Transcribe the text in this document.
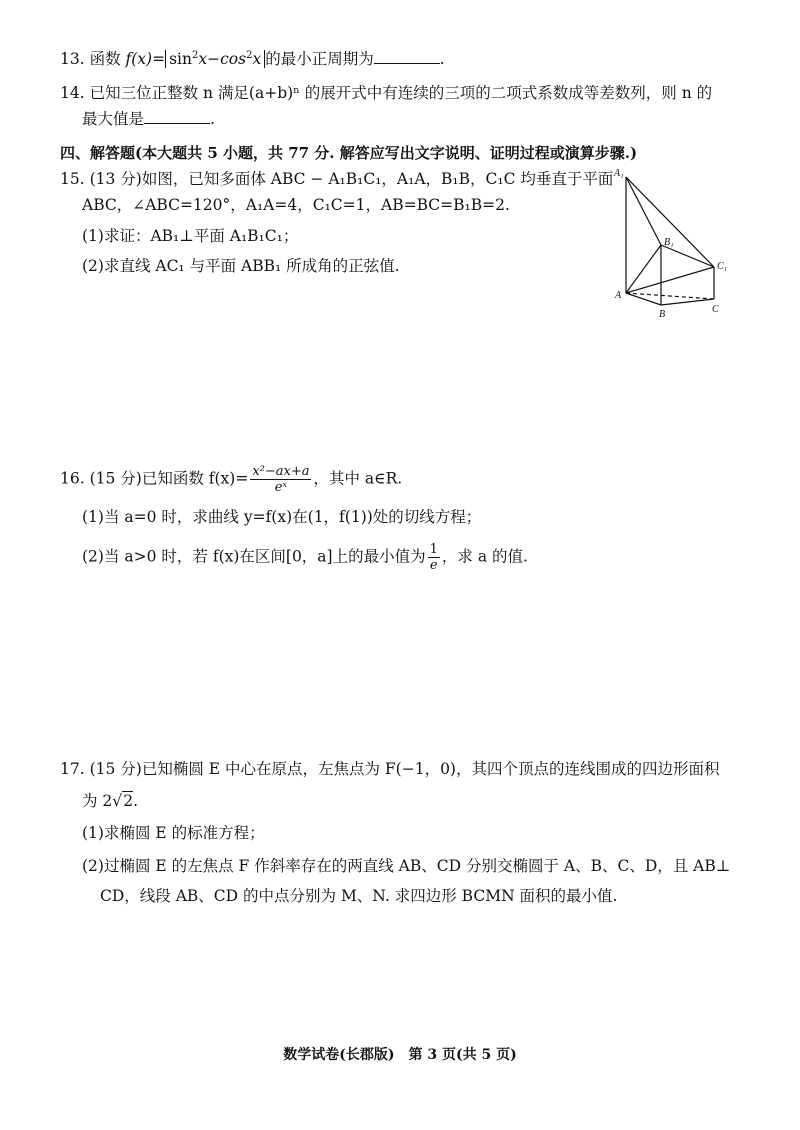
13. 函数 $f(x)= \sin^2x-\cos^2x$ 的最小正周期为	.
14. 已知三位正整数 n 满足(a+b)ⁿ 的展开式中有连续的三项的二项式系数成等差数列，则 n 的
最大值是	.
四、解答题(本大题共 5 小题，共 77 分. 解答应写出文字说明、证明过程或演算步骤.)
15. (13 分)如图，已知多面体 ABC − A₁B₁C₁，A₁A，B₁B，C₁C 均垂直于平面
ABC，∠ABC=120°，A₁A=4，C₁C=1，AB=BC=B₁B=2.
(1)求证：AB₁⊥平面 A₁B₁C₁；
(2)求直线 AC₁ 与平面 ABB₁ 所成角的正弦值.
A₁
B₁
C₁
A
B	C
16. (15 分)已知函数 $f(x)= \frac{\text{x²−ax+a}}{\text{eˣ}}$ ，其中 a∈R.
(1)当 a=0 时，求曲线 y=f(x)在(1，f(1))处的切线方程；
(2)当 a>0 时，若 f(x)在区间[0，a]上的最小值为 $\frac{1}{e}$ ，求 a 的值.
17. (15 分)已知椭圆 E 中心在原点，左焦点为 F(−1，0)，其四个顶点的连线围成的四边形面积
为 2√2.
(1)求椭圆 E 的标准方程；
(2)过椭圆 E 的左焦点 F 作斜率存在的两直线 AB、CD 分别交椭圆于 A、B、C、D，且 AB⊥
CD，线段 AB、CD 的中点分别为 M、N. 求四边形 BCMN 面积的最小值.
数学试卷(长郡版)　第 3 页(共 5 页)
